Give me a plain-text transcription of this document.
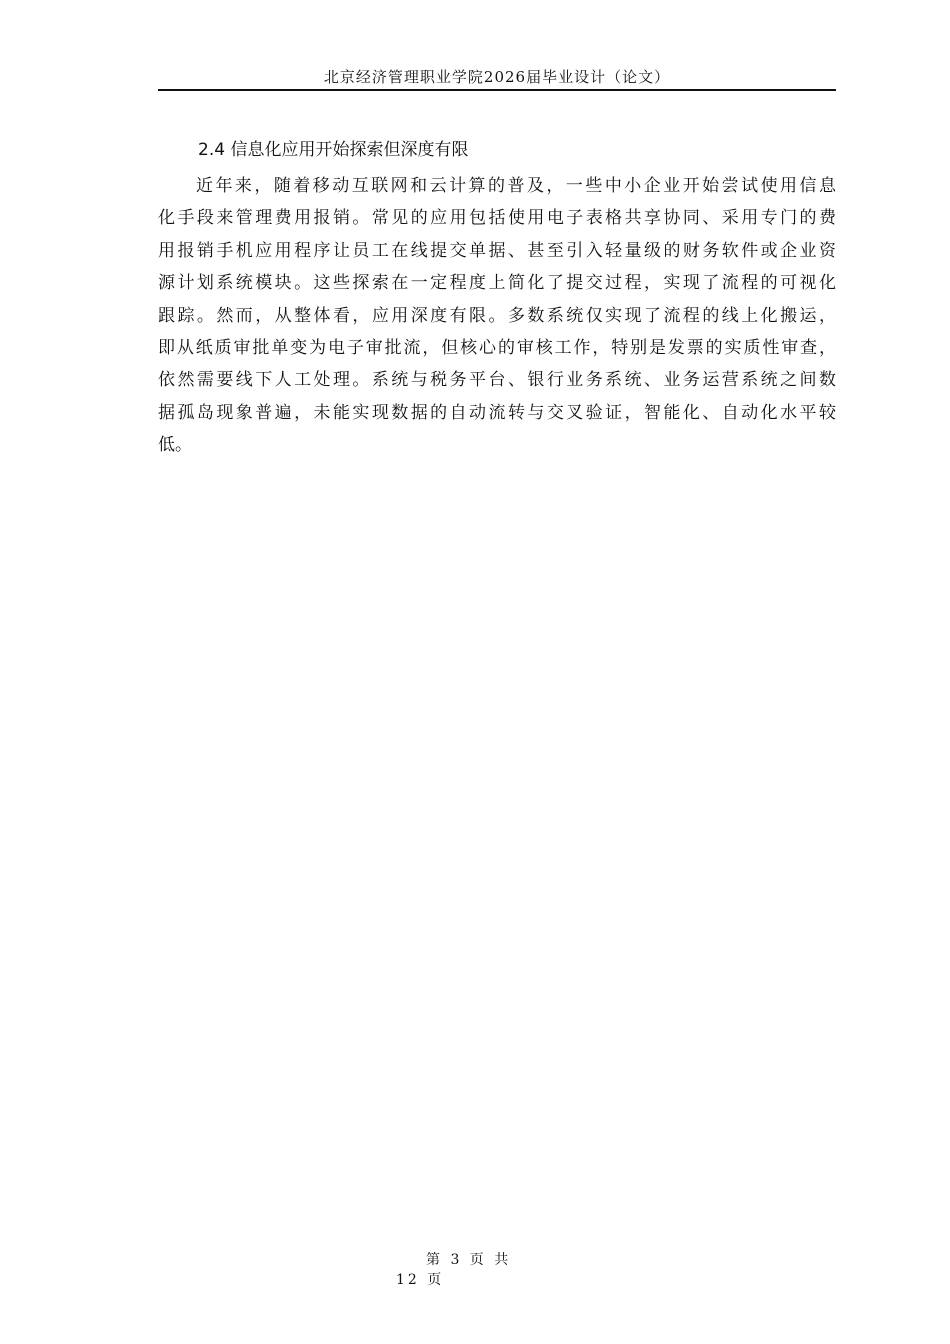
北京经济管理职业学院2026届毕业设计（论文）
2.4 信息化应用开始探索但深度有限
近年来，随着移动互联网和云计算的普及，一些中小企业开始尝试使用信息
化手段来管理费用报销。常见的应用包括使用电子表格共享协同、采用专门的费
用报销手机应用程序让员工在线提交单据、甚至引入轻量级的财务软件或企业资
源计划系统模块。这些探索在一定程度上简化了提交过程，实现了流程的可视化
跟踪。然而，从整体看，应用深度有限。多数系统仅实现了流程的线上化搬运，
即从纸质审批单变为电子审批流，但核心的审核工作，特别是发票的实质性审查，
依然需要线下人工处理。系统与税务平台、银行业务系统、业务运营系统之间数
据孤岛现象普遍，未能实现数据的自动流转与交叉验证，智能化、自动化水平较
低。
第 3 页 共
12 页
